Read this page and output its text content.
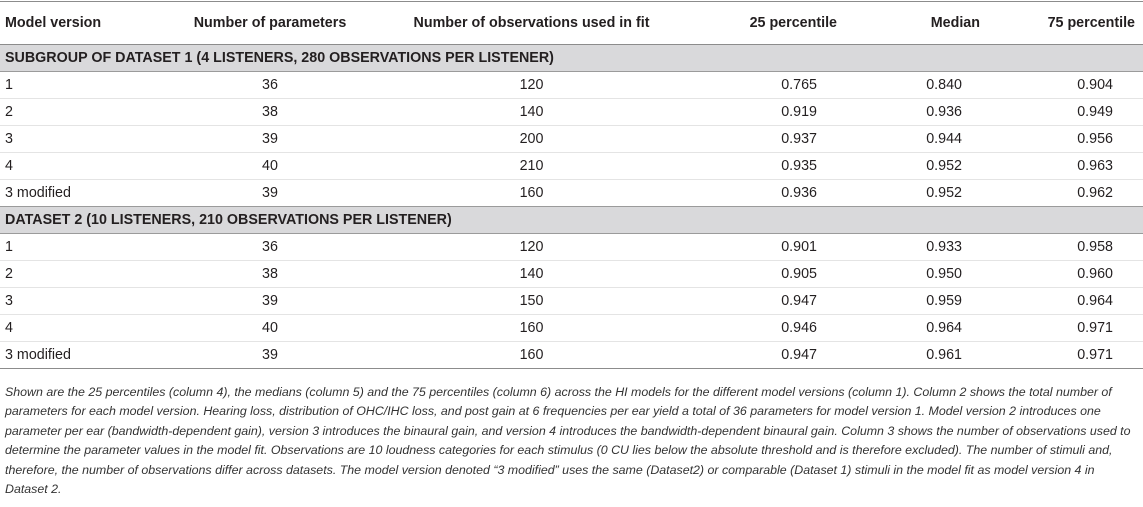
Model version	Number of parameters	Number of observations used in fit	25 percentile	Median	75 percentile
SUBGROUP OF DATASET 1 (4 LISTENERS, 280 OBSERVATIONS PER LISTENER)					
1	36	120	0.765	0.840	0.904
2	38	140	0.919	0.936	0.949
3	39	200	0.937	0.944	0.956
4	40	210	0.935	0.952	0.963
3 modified	39	160	0.936	0.952	0.962
DATASET 2 (10 LISTENERS, 210 OBSERVATIONS PER LISTENER)					
1	36	120	0.901	0.933	0.958
2	38	140	0.905	0.950	0.960
3	39	150	0.947	0.959	0.964
4	40	160	0.946	0.964	0.971
3 modified	39	160	0.947	0.961	0.971

Shown are the 25 percentiles (column 4), the medians (column 5) and the 75 percentiles (column 6) across the HI models for the different model versions (column 1). Column 2 shows the total number of parameters for each model version. Hearing loss, distribution of OHC/IHC loss, and post gain at 6 frequencies per ear yield a total of 36 parameters for model version 1. Model version 2 introduces one parameter per ear (bandwidth-dependent gain), version 3 introduces the binaural gain, and version 4 introduces the bandwidth-dependent binaural gain. Column 3 shows the number of observations used to determine the parameter values in the model fit. Observations are 10 loudness categories for each stimulus (0 CU lies below the absolute threshold and is therefore excluded). The number of stimuli and, therefore, the number of observations differ across datasets. The model version denoted “3 modified” uses the same (Dataset2) or comparable (Dataset 1) stimuli in the model fit as model version 4 in Dataset 2.
